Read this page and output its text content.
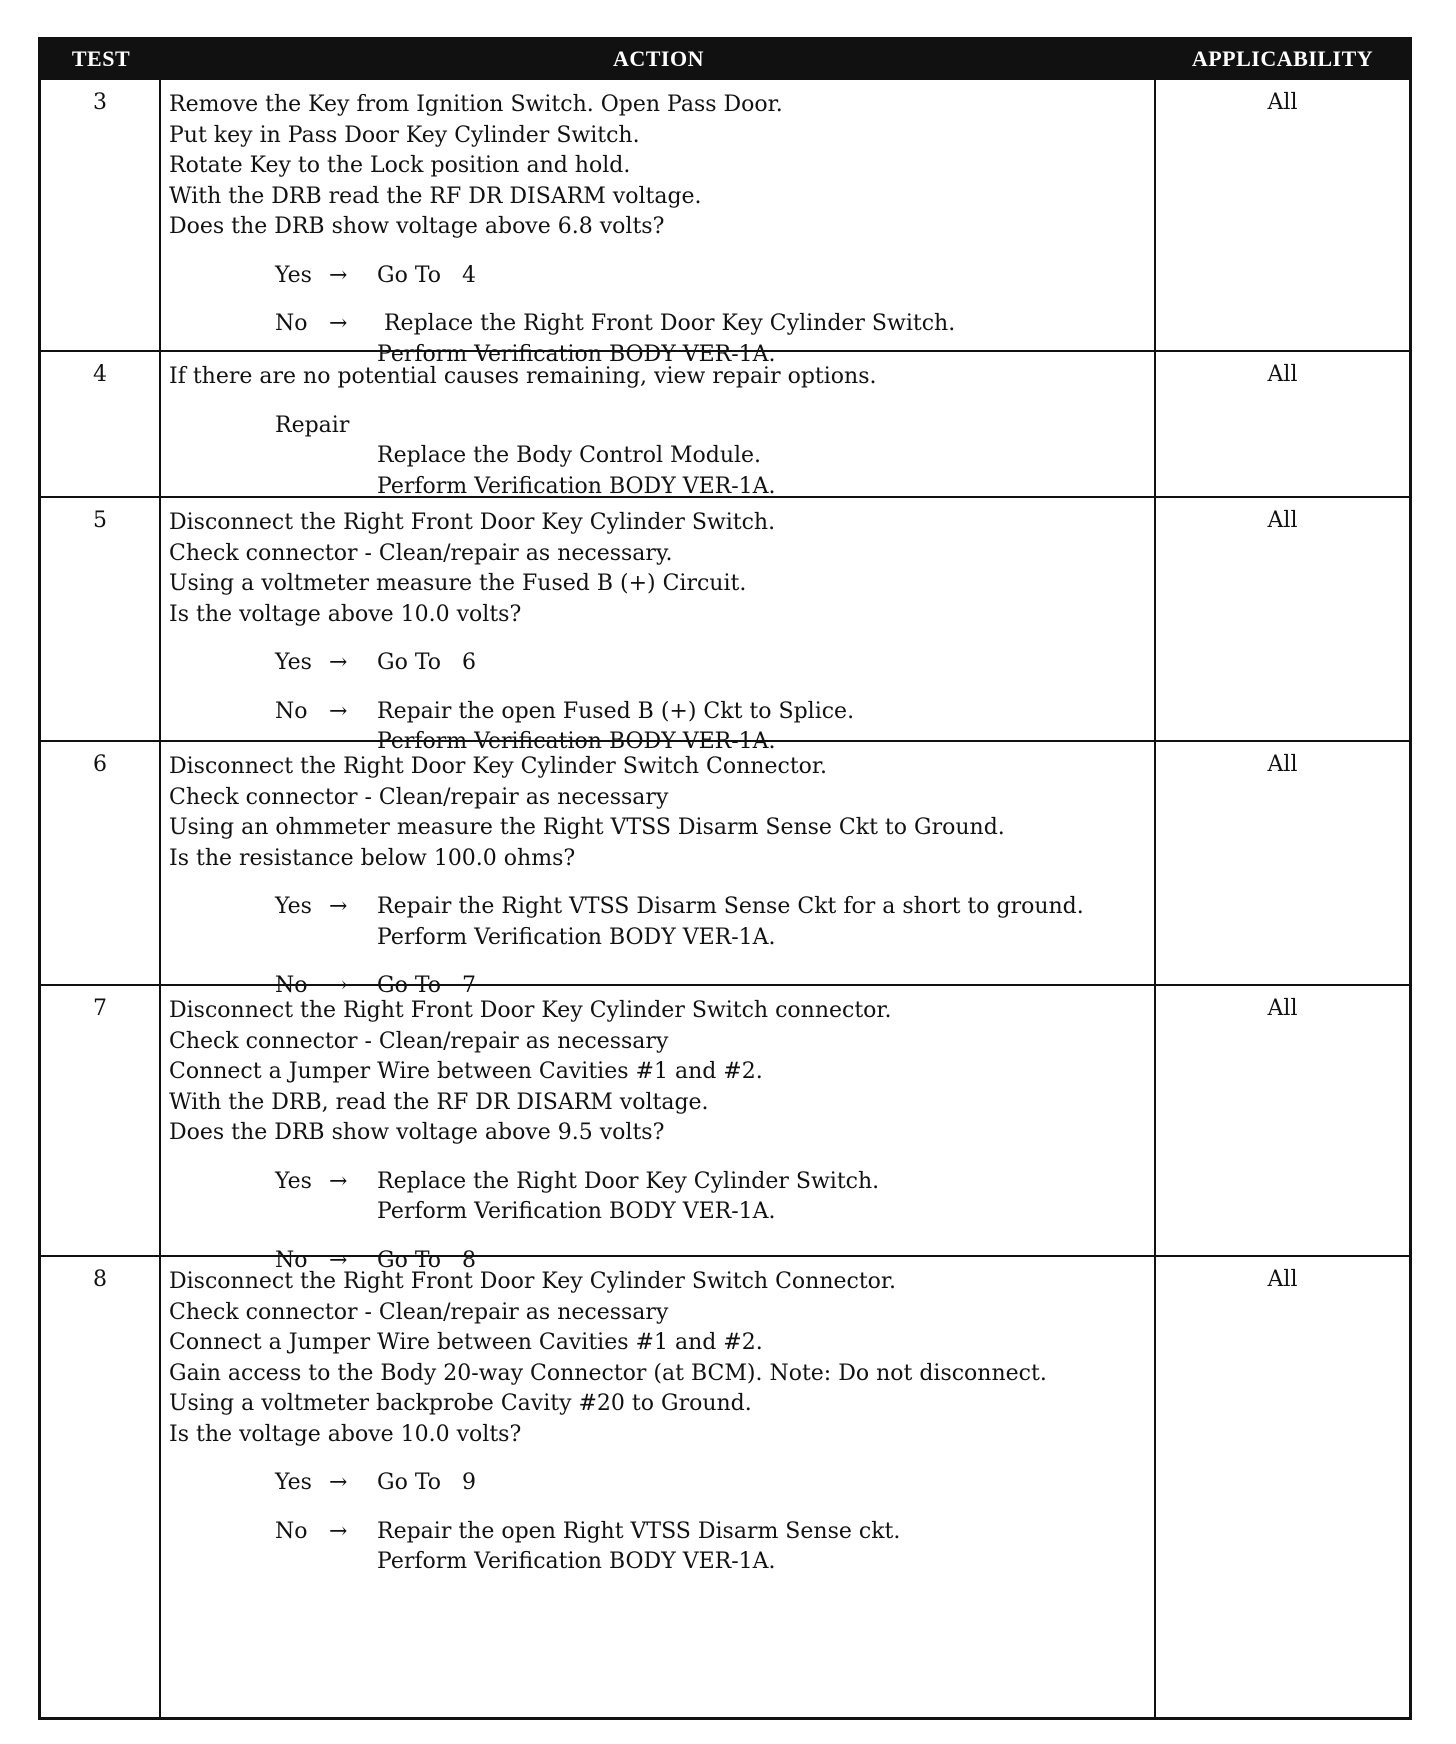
TEST	ACTION	APPLICABILITY
3	Remove the Key from Ignition Switch. Open Pass Door.
Put key in Pass Door Key Cylinder Switch.
Rotate Key to the Lock position and hold.
With the DRB read the RF DR DISARM voltage.
Does the DRB show voltage above 6.8 volts?
Yes →	Go To   4
No →	Replace the Right Front Door Key Cylinder Switch.
Perform Verification BODY VER-1A.
All
4	If there are no potential causes remaining, view repair options.
Repair
Replace the Body Control Module.
Perform Verification BODY VER-1A.
All
5	Disconnect the Right Front Door Key Cylinder Switch.
Check connector - Clean/repair as necessary.
Using a voltmeter measure the Fused B (+) Circuit.
Is the voltage above 10.0 volts?
Yes →	Go To   6
No →	Repair the open Fused B (+) Ckt to Splice.
Perform Verification BODY VER-1A.
All
6	Disconnect the Right Door Key Cylinder Switch Connector.
Check connector - Clean/repair as necessary
Using an ohmmeter measure the Right VTSS Disarm Sense Ckt to Ground.
Is the resistance below 100.0 ohms?
Yes →	Repair the Right VTSS Disarm Sense Ckt for a short to ground.
Perform Verification BODY VER-1A.
No →	Go To   7
All
7	Disconnect the Right Front Door Key Cylinder Switch connector.
Check connector - Clean/repair as necessary
Connect a Jumper Wire between Cavities #1 and #2.
With the DRB, read the RF DR DISARM voltage.
Does the DRB show voltage above 9.5 volts?
Yes →	Replace the Right Door Key Cylinder Switch.
Perform Verification BODY VER-1A.
No →	Go To   8
All
8	Disconnect the Right Front Door Key Cylinder Switch Connector.
Check connector - Clean/repair as necessary
Connect a Jumper Wire between Cavities #1 and #2.
Gain access to the Body 20-way Connector (at BCM). Note: Do not disconnect.
Using a voltmeter backprobe Cavity #20 to Ground.
Is the voltage above 10.0 volts?
Yes →	Go To   9
No →	Repair the open Right VTSS Disarm Sense ckt.
Perform Verification BODY VER-1A.
All
